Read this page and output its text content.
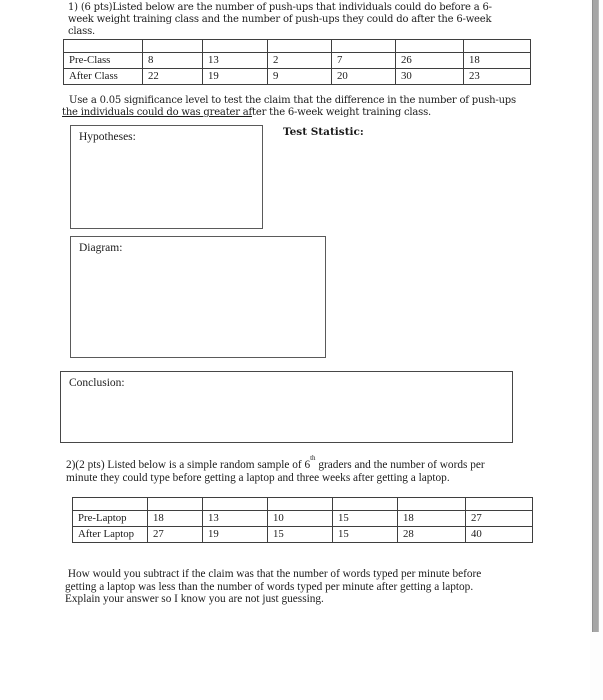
1) (6 pts)Listed below are the number of push-ups that individuals could do before a 6-
week weight training class and the number of push-ups they could do after the 6-week
class.

Pre-Class	8	13	2	7	26	18
After Class	22	19	9	20	30	23
Use a 0.05 significance level to test the claim that the difference in the number of push-ups
the individuals could do was greater after the 6-week weight training class.
Hypotheses:	Test Statistic:
Diagram:
Conclusion:
2)(2 pts) Listed below is a simple random sample of 6th graders and the number of words per
minute they could type before getting a laptop and three weeks after getting a laptop.

Pre-Laptop	18	13	10	15	18	27
After Laptop	27	19	15	15	28	40
How would you subtract if the claim was that the number of words typed per minute before
getting a laptop was less than the number of words typed per minute after getting a laptop.
Explain your answer so I know you are not just guessing.
